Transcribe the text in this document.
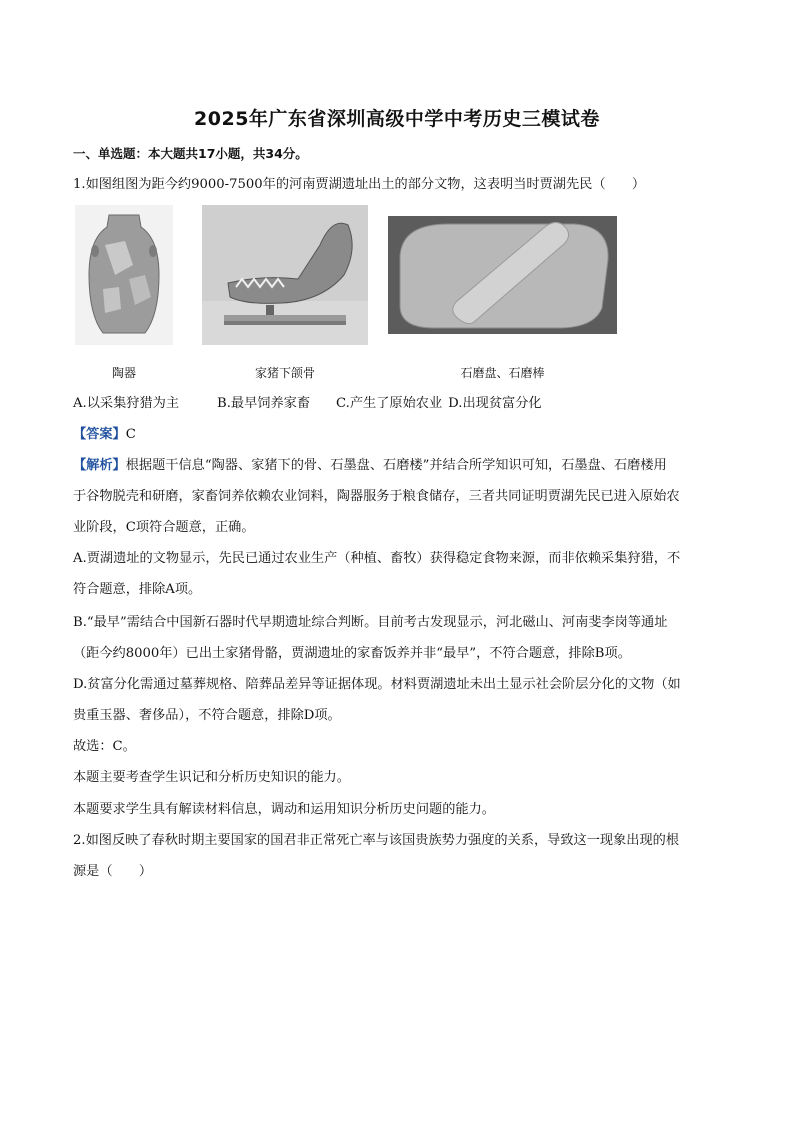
2025年广东省深圳高级中学中考历史三模试卷
一、单选题：本大题共17小题，共34分。
1.如图组图为距今约9000-7500年的河南贾湖遗址出土的部分文物，这表明当时贾湖先民（　　）
陶器	家猪下颌骨	石磨盘、石磨棒
A.以采集狩猎为主	B.最早饲养家畜 C.产生了原始农业 D.出现贫富分化
【答案】C
【解析】根据题干信息“陶器、家猪下的骨、石墨盘、石磨楼”并结合所学知识可知，石墨盘、石磨楼用
于谷物脱壳和研磨，家畜饲养依赖农业饲料，陶器服务于粮食储存，三者共同证明贾湖先民已进入原始农
业阶段，C项符合题意，正确。
A.贾湖遗址的文物显示，先民已通过农业生产（种植、畜牧）获得稳定食物来源，而非依赖采集狩猎，不
符合题意，排除A项。
B.“最早”需结合中国新石器时代早期遗址综合判断。目前考古发现显示，河北磁山、河南斐李岗等通址
（距今约8000年）已出土家猪骨骼，贾湖遗址的家畜饭养并非“最早”，不符合题意，排除B项。
D.贫富分化需通过墓葬规格、陪葬品差异等证据体现。材料贾湖遗址未出土显示社会阶层分化的文物（如
贵重玉器、奢侈品），不符合题意，排除D项。
故选：C。
本题主要考查学生识记和分析历史知识的能力。
本题要求学生具有解读材料信息，调动和运用知识分析历史问题的能力。
2.如图反映了春秋时期主要国家的国君非正常死亡率与该国贵族势力强度的关系，导致这一现象出现的根
源是（　　）
